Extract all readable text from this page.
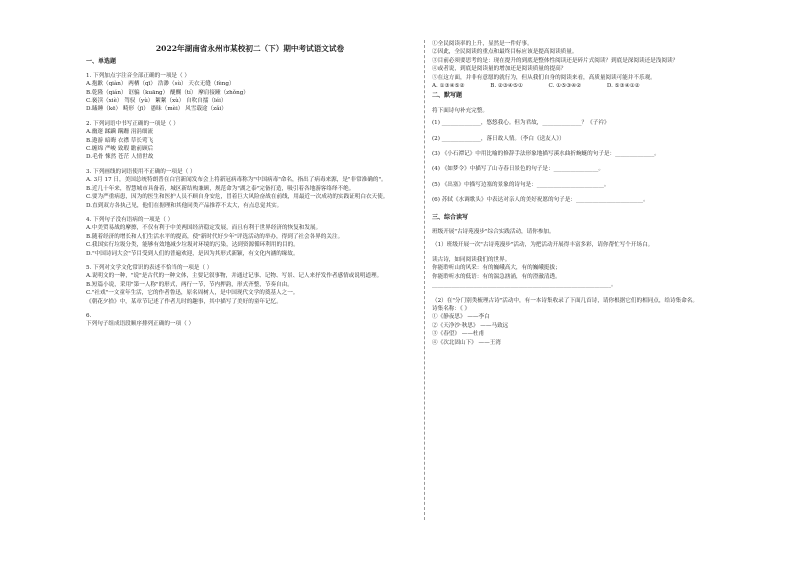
2022年湖南省永州市某校初二（下）期中考试语文试卷
一、单选题
1. 下列加点字注音全部正确的一项是（ ）
A.抱歉（qiàn） 两栖（qī） 浩渺（sù） 天衣无缝（fèng）
B.乾隆（qián） 诓骗（kuāng） 醍醐（tí） 摩肩接踵（zhǒng）
C.亵渎（xiè） 驾驭（yù） 絮絮（xù） 自吹自擂（léi）
D.瞌睡（kē） 畸形（jī） 愚昧（mèi） 风雪载途（zǎi）
2. 下列词语中书写正确的一项是（ ）
A.幽邃 蹂躏 蹒跚 涓涓细流
B.遨游 暗晦 衣襟 草长莺飞
C.缠绵 严峻 致瑕 瞻前顾后
D.毛骨 悚然 苍茫 人情世故
3. 下列画线的词语使用不正确的一项是（ ）
A. 3月 17 日，美国总统特朗普在白宫新闻发布会上将新冠病毒称为"中国病毒"命名，指出了病毒来源，是"非常准确的"。
B.近几十年来，智慧城市具备着，城区新结构兼顾，规范命为"湖之泰"完备打造，吸引着各地游客络绎不绝。
C.要为严重病患，因为的医生和医护人员不顾自身安危，冒着巨大风险奋战在前线，用最近一次成功的实践证明白衣天使。
D.直到双方各执己见，他们在据理和其他同类产品推荐不太大，有点总觉其实。
4. 下列句子没有语病的一项是（ ）
A.中美贸易战的摩擦，不仅有利于中美两国经济稳定发展，而且有利于世界经济的恢复和发展。
B.随着经济的增长和人们生活水平的提高，使"新时代好少年"评选活动的举办，得到了社会各界的关注。
C.我国实行垃圾分类，能够有效地减少垃圾对环境的污染，达到资源循环利用的目的。
D."中国诗词大会"节目受到人们的普遍欢迎，是因为其形式新颖，有文化内涵的缘故。
5. 下列对文学文化常识的表述不恰当的一项是（ ）
A.说明文的一种，"说"是古代的一种文体，主要记叙事物，并通过记事、记物、写景、记人来抒发作者感情或说明道理。
B.短篇小说，采用"第一人称"的形式，两行一节，节内押韵，形式齐整，节奏自由。
C."社戏"一文童年生活，它的作者鲁迅，原名周树人，是中国现代文学的奠基人之一。
《朝花夕拾》中，某章节记述了作者儿时的趣事，其中描写了美好的童年记忆。
6.
下列句子组成语段顺序排列正确的一项（ ）
①全民阅读率的上升，显然是一件好事。
②因此，全民阅读的重点和最终目标应该是提高阅读质量。
③目前必须要思考的是：现在提升的到底是整体性阅读还是碎片式阅读？到底是深阅读还是浅阅读？
④或者说，到底是阅读量的增加还是阅读质量的提高？
⑤在这方面，并非有意愿的就行为，但从我们自身的阅读来看，高质量阅读可能并不乐观。
A. ①③④⑤②	B. ②③④⑤①	C. ①⑤③④②	D. ⑤③④①②
二、默写题
将下面诗句补充完整。
(1) ______________，悠悠我心。但为君故，______________？《子衿》
(2) ______________，落日故人情。（李白《送友人》）
(3) 《小石潭记》中用比喻的修辞手法形象地描写溪水曲折蜿蜒的句子是：______________。
(4) 《如梦令》中描写了山寺春日景色的句子是：________________。
(5) 《出塞》中描写边塞的景象的诗句是：________________________。
(6) 苏轼《水调歌头》中表达对亲人的美好祝愿的句子是：________________________。
三、综合读写
班级开展"古诗苑漫步"综合实践活动，请你参加。
（1）班级开展一次"古诗苑漫步"活动，为把活动开展得丰富多彩，请你帮忙写个开场白。
读古诗，如同阅读我们的世界。
你能聆听山的风采：有的巍峨高大，有的巍峨挺拔；
你能聆听水的低语：有的湍急汹涌，有的澄澈清透。
________________________________________________________________。
（2）在"分门别类梳理古诗"活动中，有一本诗集收录了下面几首诗，请你根据它们的相同点，给诗集命名。
诗集名称：《 》
①《静夜思》 ——李白
②《天净沙·秋思》 ——马致远
③《春望》 ——杜甫
④《次北固山下》 ——王湾
